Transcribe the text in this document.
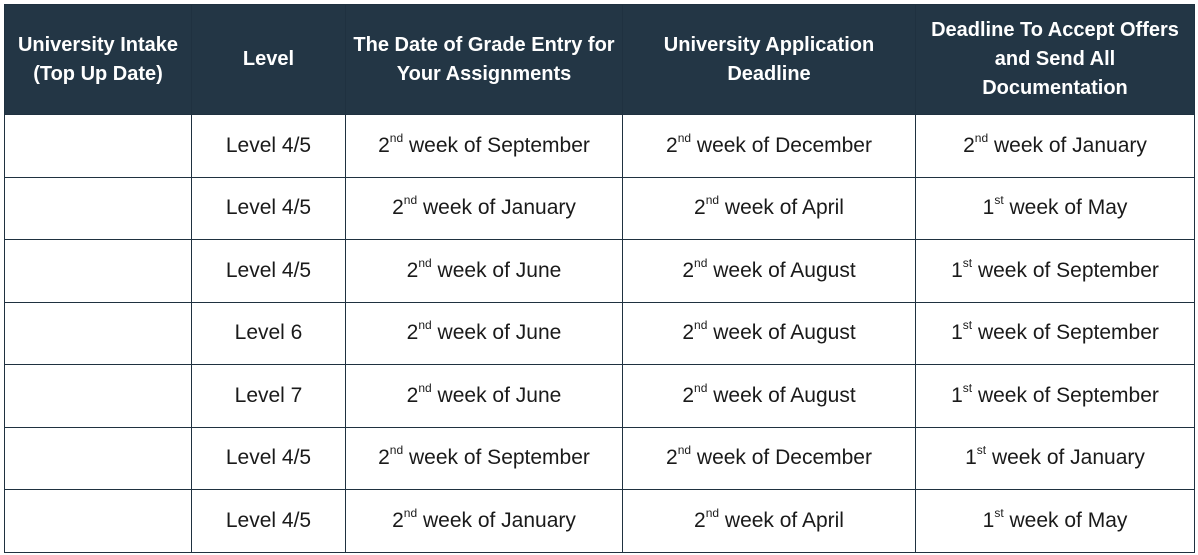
University Intake (Top Up Date)	Level	The Date of Grade Entry for Your Assignments	University Application Deadline	Deadline To Accept Offers and Send All Documentation
	Level 4/5	2nd week of September	2nd week of December	2nd week of January
	Level 4/5	2nd week of January	2nd week of April	1st week of May
	Level 4/5	2nd week of June	2nd week of August	1st week of September
	Level 6	2nd week of June	2nd week of August	1st week of September
	Level 7	2nd week of June	2nd week of August	1st week of September
	Level 4/5	2nd week of September	2nd week of December	1st week of January
	Level 4/5	2nd week of January	2nd week of April	1st week of May
